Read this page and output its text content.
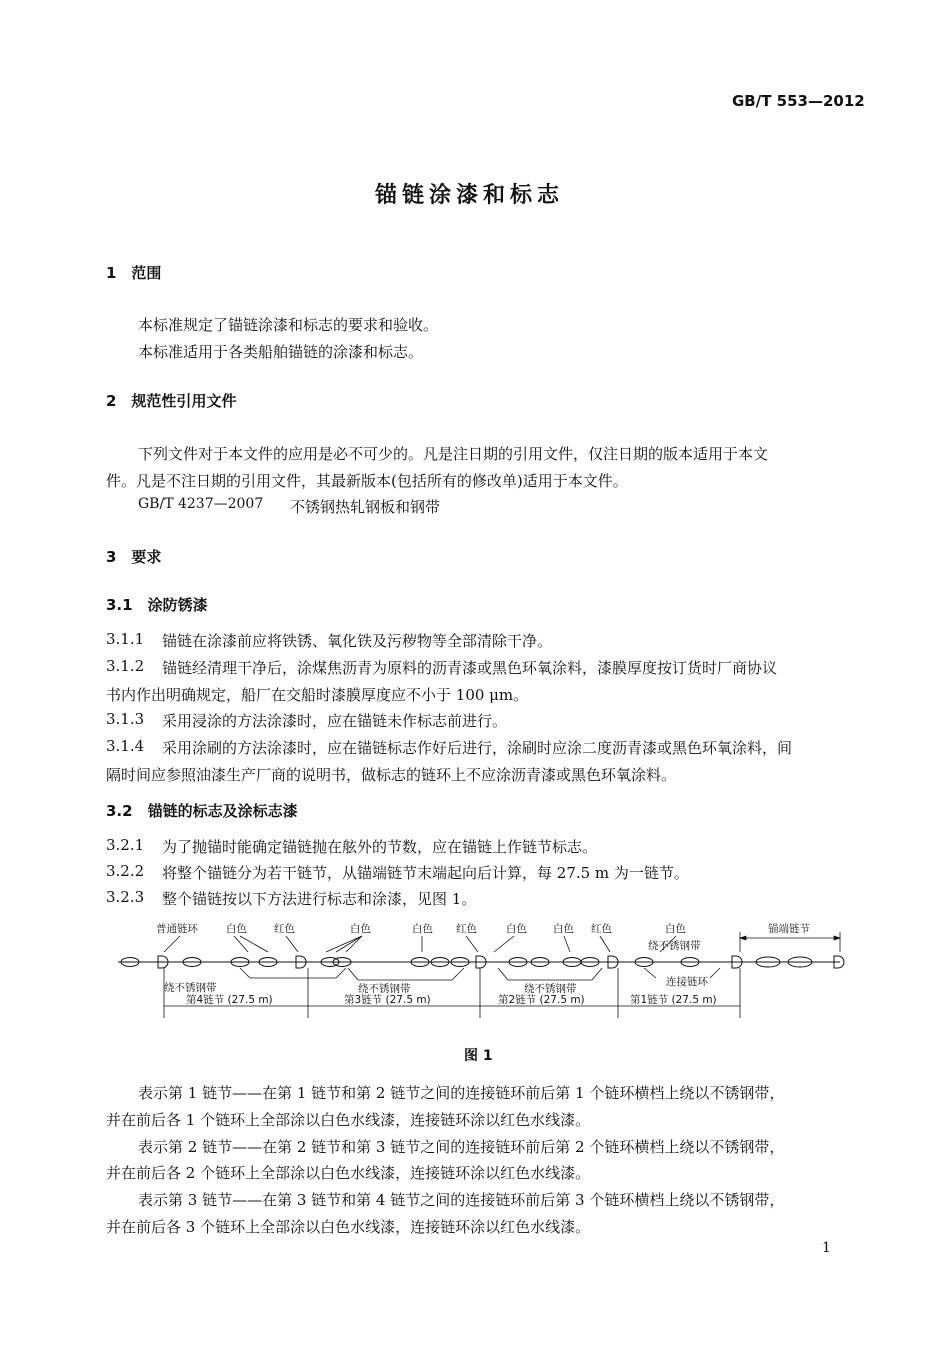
GB/T 553—2012
锚链涂漆和标志
1　范围
本标准规定了锚链涂漆和标志的要求和验收。
本标准适用于各类船舶锚链的涂漆和标志。
2　规范性引用文件
下列文件对于本文件的应用是必不可少的。凡是注日期的引用文件，仅注日期的版本适用于本文
件。凡是不注日期的引用文件，其最新版本(包括所有的修改单)适用于本文件。
GB/T 4237—2007 不锈钢热轧钢板和钢带
3　要求
3.1　涂防锈漆
3.1.1 锚链在涂漆前应将铁锈、氧化铁及污秽物等全部清除干净。
3.1.2 锚链经清理干净后，涂煤焦沥青为原料的沥青漆或黑色环氧涂料，漆膜厚度按订货时厂商协议
书内作出明确规定，船厂在交船时漆膜厚度应不小于 100 μm。
3.1.3 采用浸涂的方法涂漆时，应在锚链未作标志前进行。
3.1.4 采用涂刷的方法涂漆时，应在锚链标志作好后进行，涂刷时应涂二度沥青漆或黑色环氧涂料，间
隔时间应参照油漆生产厂商的说明书，做标志的链环上不应涂沥青漆或黑色环氧涂料。
3.2　锚链的标志及涂标志漆
3.2.1 为了抛锚时能确定锚链抛在舷外的节数，应在锚链上作链节标志。
3.2.2 将整个锚链分为若干链节，从锚端链节末端起向后计算，每 27.5 m 为一链节。
3.2.3 整个锚链按以下方法进行标志和涂漆，见图 1。
普通链环	白色	红色	白色	白色 红色	白色 白色 红色	白色
绕不锈钢带
锚端链节
绕不锈钢带	绕不锈钢带	绕不锈钢带
连接链环
第4链节 (27.5 m)	第3链节 (27.5 m)	第2链节 (27.5 m)	第1链节 (27.5 m)
图 1
表示第 1 链节——在第 1 链节和第 2 链节之间的连接链环前后第 1 个链环横档上绕以不锈钢带，
并在前后各 1 个链环上全部涂以白色水线漆，连接链环涂以红色水线漆。
表示第 2 链节——在第 2 链节和第 3 链节之间的连接链环前后第 2 个链环横档上绕以不锈钢带，
并在前后各 2 个链环上全部涂以白色水线漆，连接链环涂以红色水线漆。
表示第 3 链节——在第 3 链节和第 4 链节之间的连接链环前后第 3 个链环横档上绕以不锈钢带，
并在前后各 3 个链环上全部涂以白色水线漆，连接链环涂以红色水线漆。
1
